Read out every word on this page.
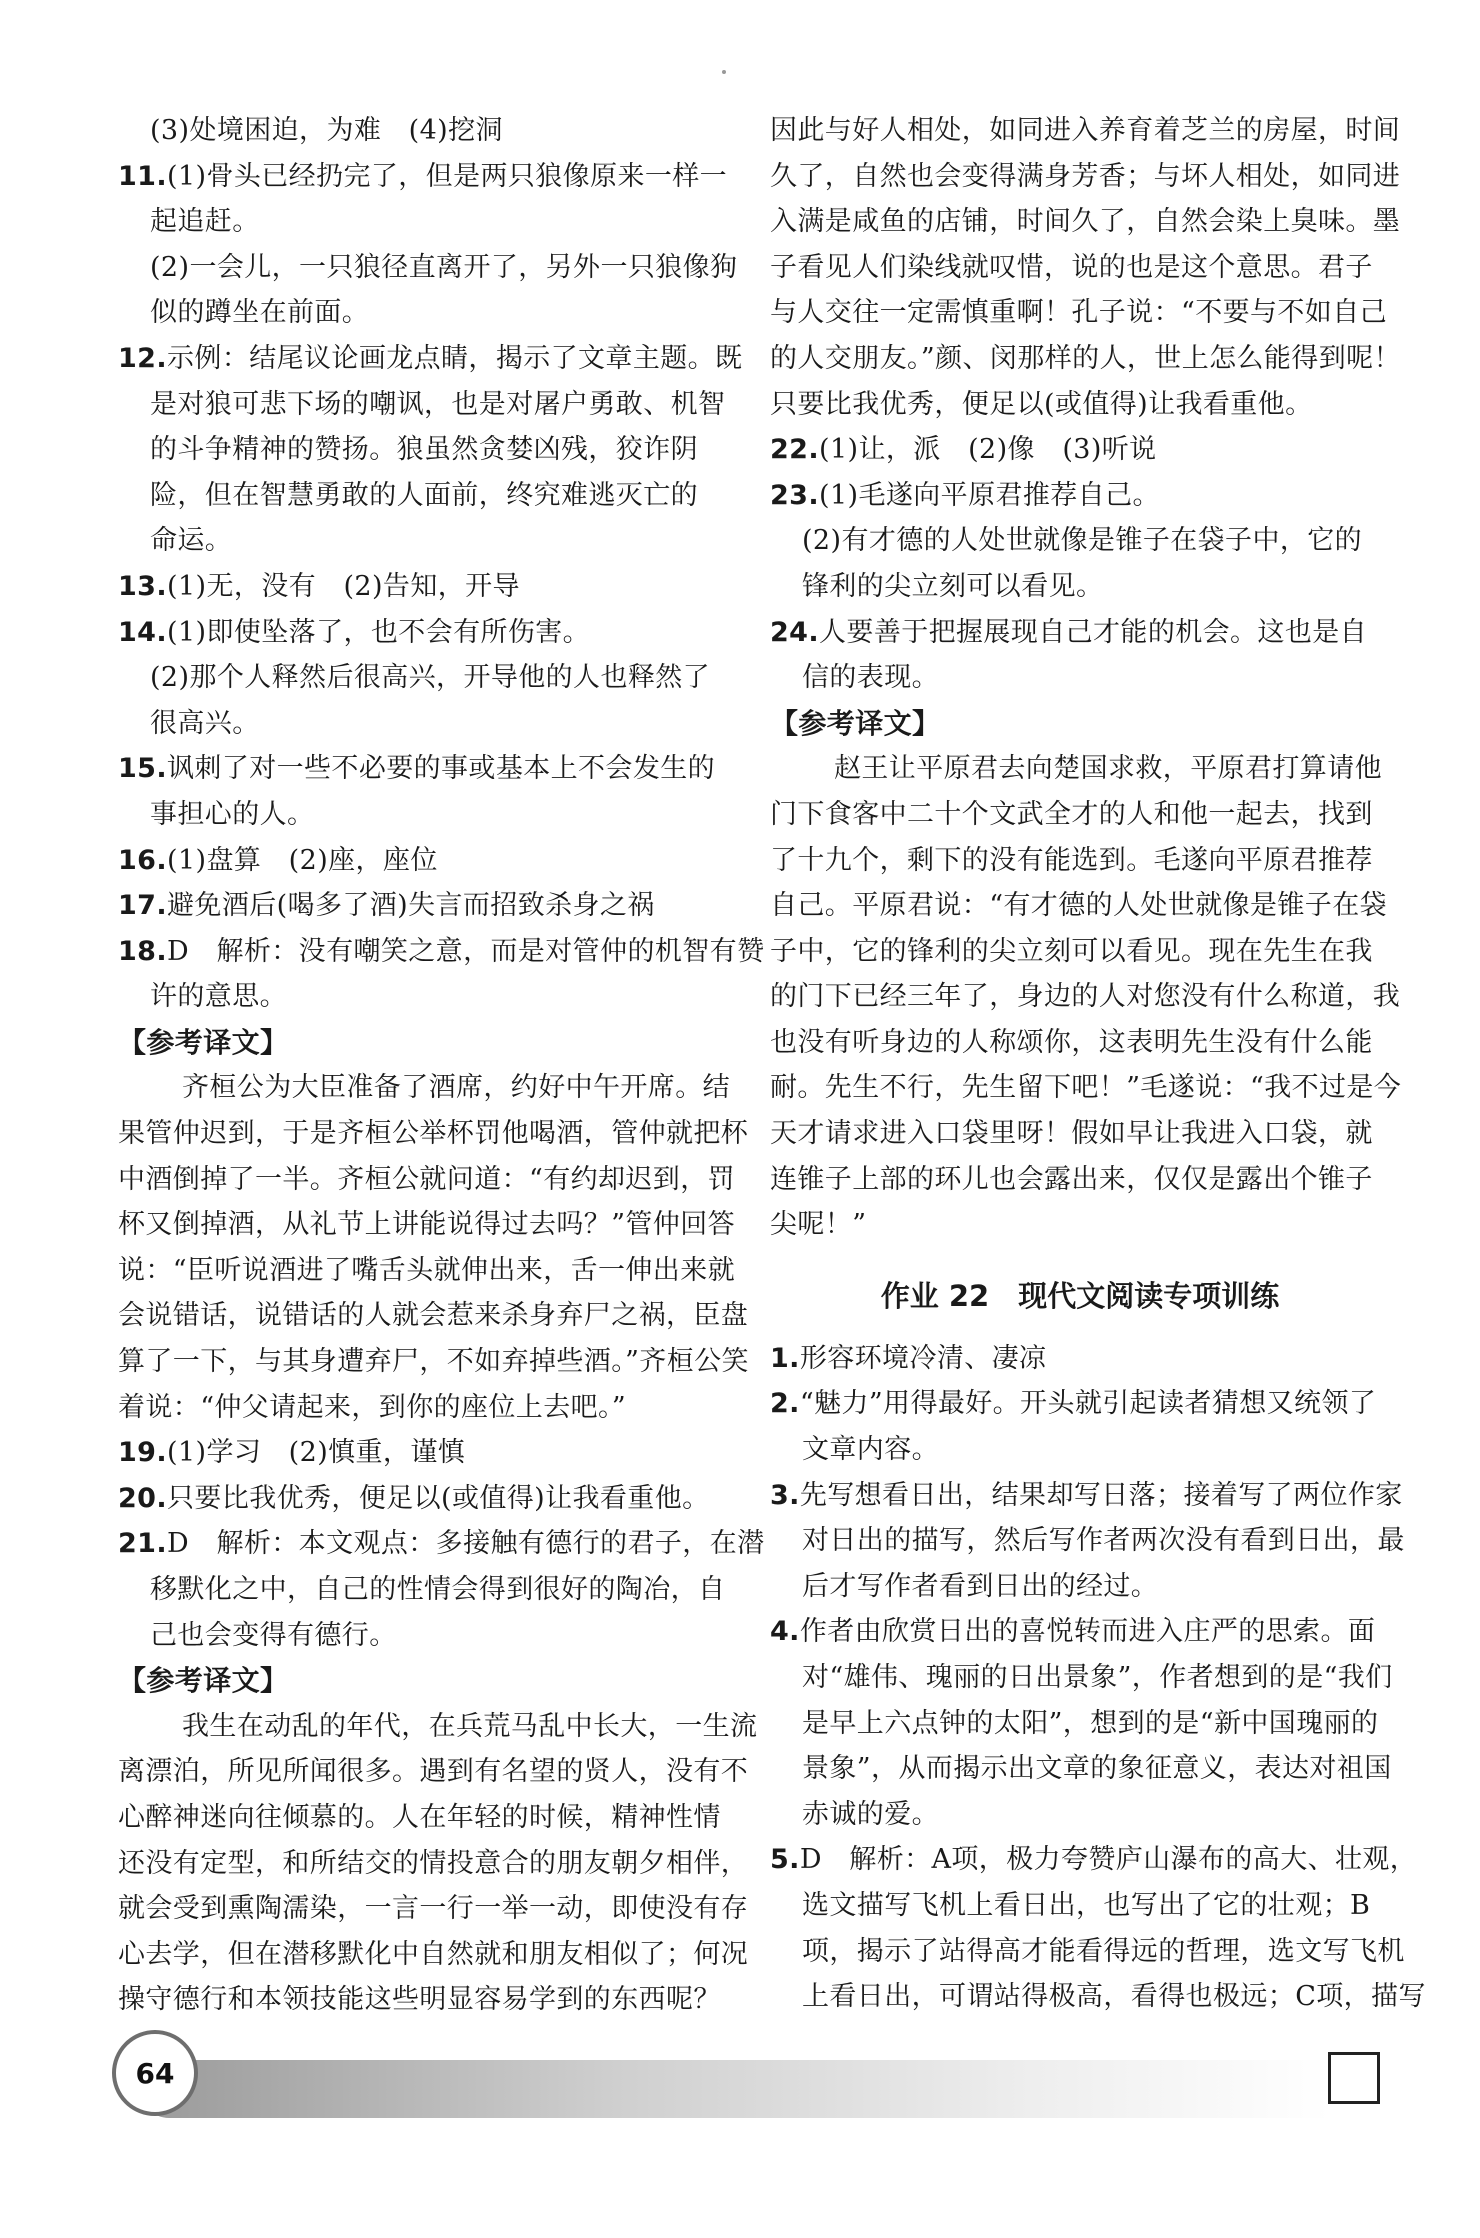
(3)处境困迫，为难　(4)挖洞
11.(1)骨头已经扔完了，但是两只狼像原来一样一
起追赶。
(2)一会儿，一只狼径直离开了，另外一只狼像狗
似的蹲坐在前面。
12.示例：结尾议论画龙点睛，揭示了文章主题。既
是对狼可悲下场的嘲讽，也是对屠户勇敢、机智
的斗争精神的赞扬。狼虽然贪婪凶残，狡诈阴
险，但在智慧勇敢的人面前，终究难逃灭亡的
命运。
13.(1)无，没有　(2)告知，开导
14.(1)即使坠落了，也不会有所伤害。
(2)那个人释然后很高兴，开导他的人也释然了
很高兴。
15.讽刺了对一些不必要的事或基本上不会发生的
事担心的人。
16.(1)盘算　(2)座，座位
17.避免酒后(喝多了酒)失言而招致杀身之祸
18.D　解析：没有嘲笑之意，而是对管仲的机智有赞
许的意思。
【参考译文】
齐桓公为大臣准备了酒席，约好中午开席。结
果管仲迟到，于是齐桓公举杯罚他喝酒，管仲就把杯
中酒倒掉了一半。齐桓公就问道：“有约却迟到，罚
杯又倒掉酒，从礼节上讲能说得过去吗？”管仲回答
说：“臣听说酒进了嘴舌头就伸出来，舌一伸出来就
会说错话，说错话的人就会惹来杀身弃尸之祸，臣盘
算了一下，与其身遭弃尸，不如弃掉些酒。”齐桓公笑
着说：“仲父请起来，到你的座位上去吧。”
19.(1)学习　(2)慎重，谨慎
20.只要比我优秀，便足以(或值得)让我看重他。
21.D　解析：本文观点：多接触有德行的君子，在潜
移默化之中，自己的性情会得到很好的陶冶，自
己也会变得有德行。
【参考译文】
我生在动乱的年代，在兵荒马乱中长大，一生流
离漂泊，所见所闻很多。遇到有名望的贤人，没有不
心醉神迷向往倾慕的。人在年轻的时候，精神性情
还没有定型，和所结交的情投意合的朋友朝夕相伴，
就会受到熏陶濡染，一言一行一举一动，即使没有存
心去学，但在潜移默化中自然就和朋友相似了；何况
操守德行和本领技能这些明显容易学到的东西呢？
因此与好人相处，如同进入养育着芝兰的房屋，时间
久了，自然也会变得满身芳香；与坏人相处，如同进
入满是咸鱼的店铺，时间久了，自然会染上臭味。墨
子看见人们染线就叹惜，说的也是这个意思。君子
与人交往一定需慎重啊！孔子说：“不要与不如自己
的人交朋友。”颜、闵那样的人，世上怎么能得到呢！
只要比我优秀，便足以(或值得)让我看重他。
22.(1)让，派　(2)像　(3)听说
23.(1)毛遂向平原君推荐自己。
(2)有才德的人处世就像是锥子在袋子中，它的
锋利的尖立刻可以看见。
24.人要善于把握展现自己才能的机会。这也是自
信的表现。
【参考译文】
赵王让平原君去向楚国求救，平原君打算请他
门下食客中二十个文武全才的人和他一起去，找到
了十九个，剩下的没有能选到。毛遂向平原君推荐
自己。平原君说：“有才德的人处世就像是锥子在袋
子中，它的锋利的尖立刻可以看见。现在先生在我
的门下已经三年了，身边的人对您没有什么称道，我
也没有听身边的人称颂你，这表明先生没有什么能
耐。先生不行，先生留下吧！”毛遂说：“我不过是今
天才请求进入口袋里呀！假如早让我进入口袋，就
连锥子上部的环儿也会露出来，仅仅是露出个锥子
尖呢！”
作业 22　现代文阅读专项训练
1.形容环境冷清、凄凉
2.“魅力”用得最好。开头就引起读者猜想又统领了
文章内容。
3.先写想看日出，结果却写日落；接着写了两位作家
对日出的描写，然后写作者两次没有看到日出，最
后才写作者看到日出的经过。
4.作者由欣赏日出的喜悦转而进入庄严的思索。面
对“雄伟、瑰丽的日出景象”，作者想到的是“我们
是早上六点钟的太阳”，想到的是“新中国瑰丽的
景象”，从而揭示出文章的象征意义，表达对祖国
赤诚的爱。
5.D　解析：A项，极力夸赞庐山瀑布的高大、壮观，
选文描写飞机上看日出，也写出了它的壮观；B
项，揭示了站得高才能看得远的哲理，选文写飞机
上看日出，可谓站得极高，看得也极远；C项，描写
64
